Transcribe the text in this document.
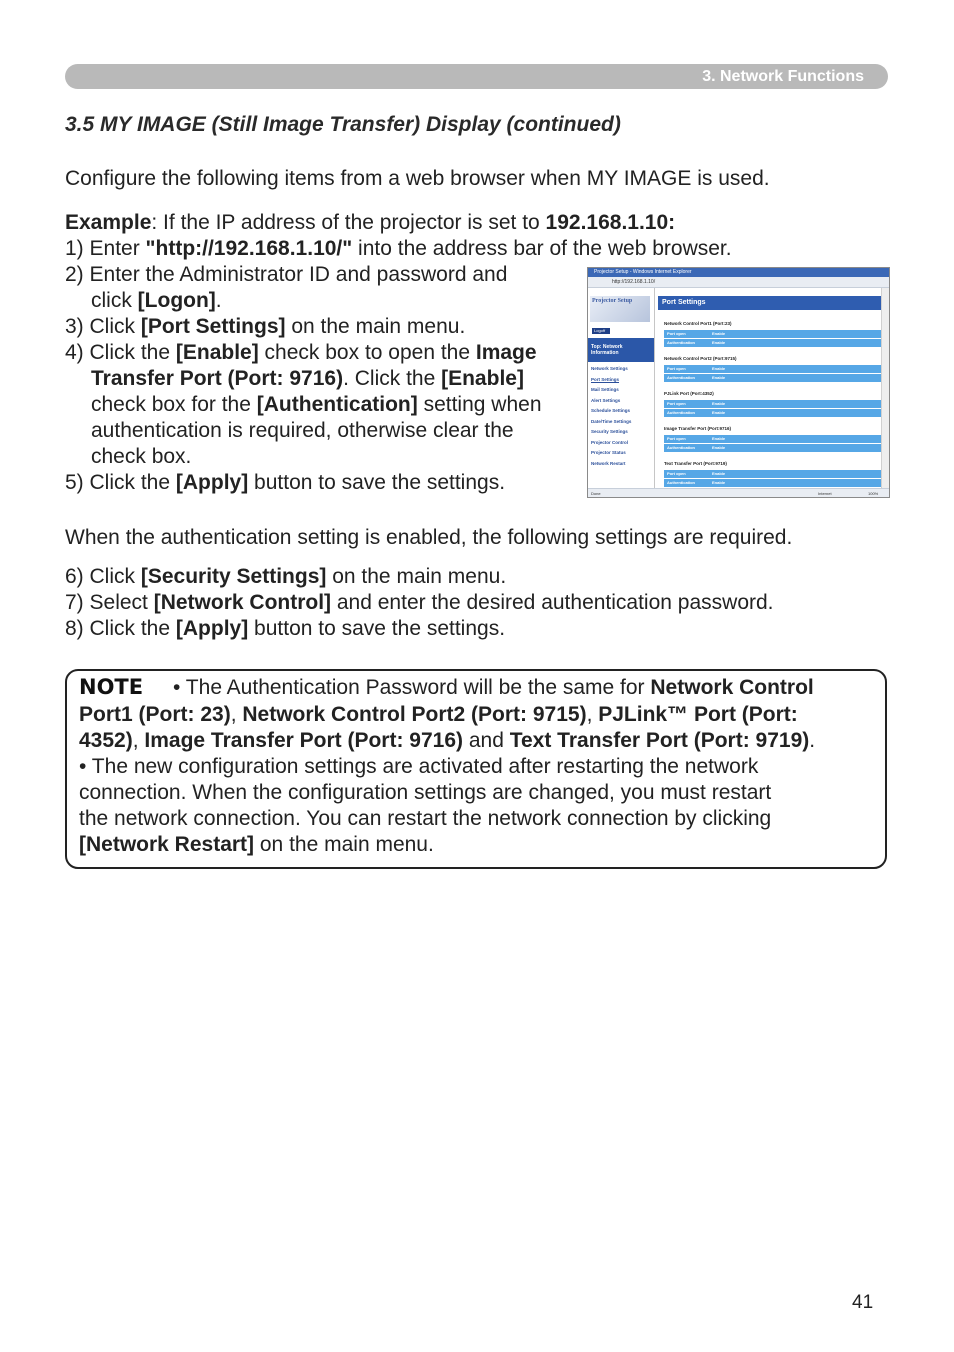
3. Network Functions
3.5 MY IMAGE (Still Image Transfer) Display (continued)
Configure the following items from a web browser when MY IMAGE is used.
Example: If the IP address of the projector is set to 192.168.1.10:
1) Enter "http://192.168.1.10/" into the address bar of the web browser.
2) Enter the Administrator ID and password and
click [Logon].
3) Click [Port Settings] on the main menu.
4) Click the [Enable] check box to open the Image
Transfer Port (Port: 9716). Click the [Enable]
check box for the [Authentication] setting when
authentication is required, otherwise clear the
check box.
5) Click the [Apply] button to save the settings.
Projector Setup - Windows Internet Explorer
http://192.168.1.10/
Projector Setup
Logoff
Top: Network Information
Network Settings
Port Settings
Mail Settings
Alert Settings
Schedule Settings
Date/Time Settings
Security Settings
Projector Control
Projector Status
Network Restart
Port Settings
Network Control Port1 (Port:23)
Port open	Enable
Authentication	Enable
Network Control Port2 (Port:9715)
Port open	Enable
Authentication	Enable
PJLink Port (Port:4352)
Port open	Enable
Authentication	Enable
Image Transfer Port (Port:9716)
Port open	Enable
Authentication	Enable
Text Transfer Port (Port:9719)
Port open	Enable
Authentication	Enable
Done	Internet	100%
When the authentication setting is enabled, the following settings are required.
6) Click [Security Settings] on the main menu.
7) Select [Network Control] and enter the desired authentication password.
8) Click the [Apply] button to save the settings.
NOTE • The Authentication Password will be the same for Network Control
Port1 (Port: 23), Network Control Port2 (Port: 9715), PJLink™ Port (Port:
4352), Image Transfer Port (Port: 9716) and Text Transfer Port (Port: 9719).
• The new configuration settings are activated after restarting the network
connection. When the configuration settings are changed, you must restart
the network connection. You can restart the network connection by clicking
[Network Restart] on the main menu.
41
